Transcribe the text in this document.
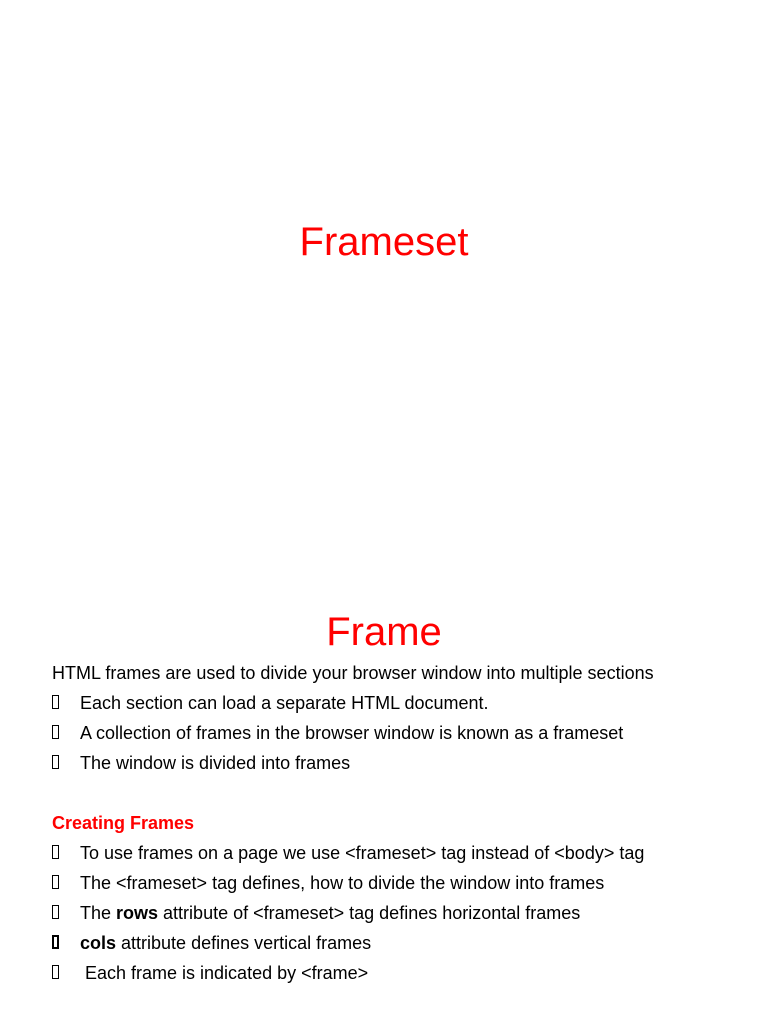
Frameset
Frame
HTML frames are used to divide your browser window into multiple sections
Each section can load a separate HTML document.
A collection of frames in the browser window is known as a frameset
The window is divided into frames
Creating Frames
To use frames on a page we use <frameset> tag instead of <body> tag
The <frameset> tag defines, how to divide the window into frames
The rows attribute of <frameset> tag defines horizontal frames
cols attribute defines vertical frames
Each frame is indicated by <frame>
